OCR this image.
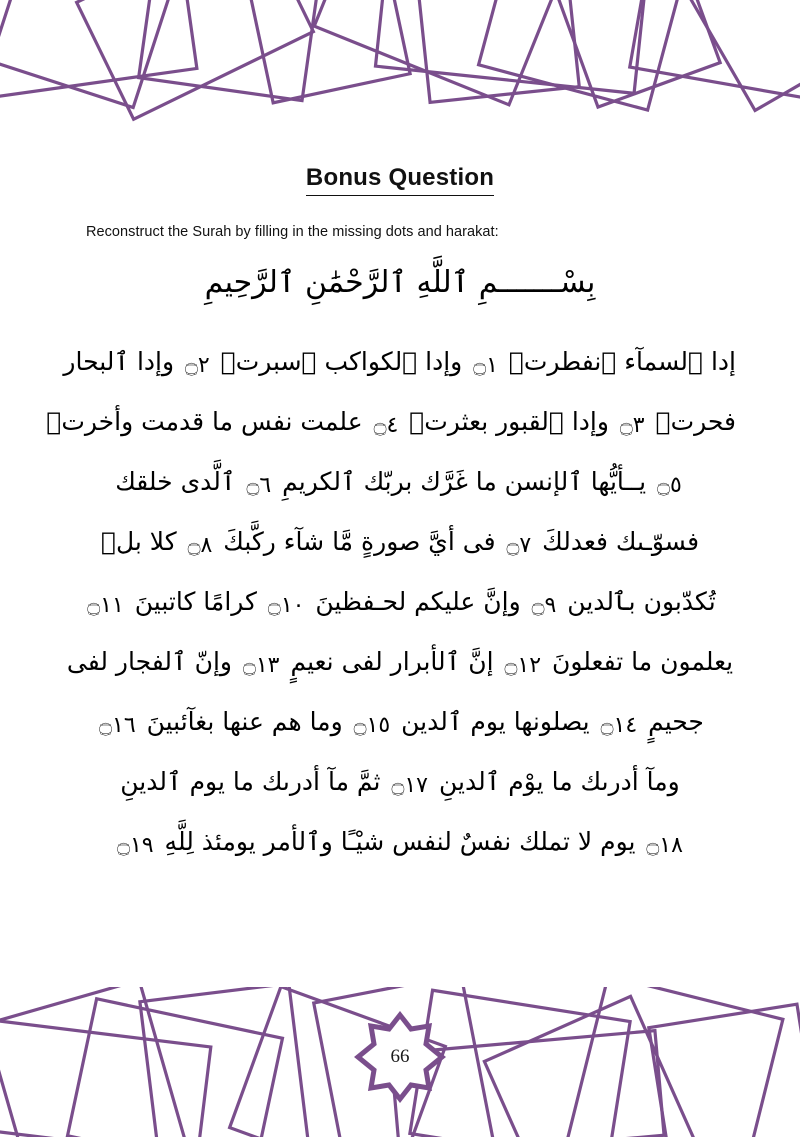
Bonus Question
Reconstruct the Surah by filling in the missing dots and harakat:
بِسْـــــــمِ ٱللَّهِ ٱلرَّحْمَٰنِ ٱلرَّحِيمِ
إدا ٱلسمآء ٱنفطرتۡ ۝١ وإدا ٱلكواكب ٱسبرتۡ ۝٢ وإدا ٱلبحار
فحرتۡ ۝٣ وإدا ٱلقبور بعثرتۡ ۝٤ علمت نفس ما قدمت وأخرتۡ
۝٥ يــأيُّها ٱلإنسن ما غَرَّك بربّك ٱلكريمِ ۝٦ ٱلَّدى خلقك
فسوّـىك فعدلكَ ۝٧ فى أيَّ صورةٍ مَّا شآء ركَّبكَ ۝٨ كلا بلۡ
تُكدّبون بٱلدين ۝٩ وإنَّ عليكم لحـفظينَ ۝١٠ كرامًا كاتبينَ ۝١١
يعلمون ما تفعلونَ ۝١٢ إنَّ ٱلأبرار لفى نعيمٍ ۝١٣ وإنّ ٱلفجار لفى
جحيمٍ ۝١٤ يصلونها يوم ٱلدين ۝١٥ وما هم عنها بغآئبينَ ۝١٦
ومآ أدرىك ما يوْم ٱلدينِ ۝١٧ ثمَّ مآ أدرىك ما يوم ٱلدينِ
۝١٨ يوم لا تملك نفسٌ لنفس شيْـًا وٱلأمر يومئذ لِلَّهِ ۝١٩
66
